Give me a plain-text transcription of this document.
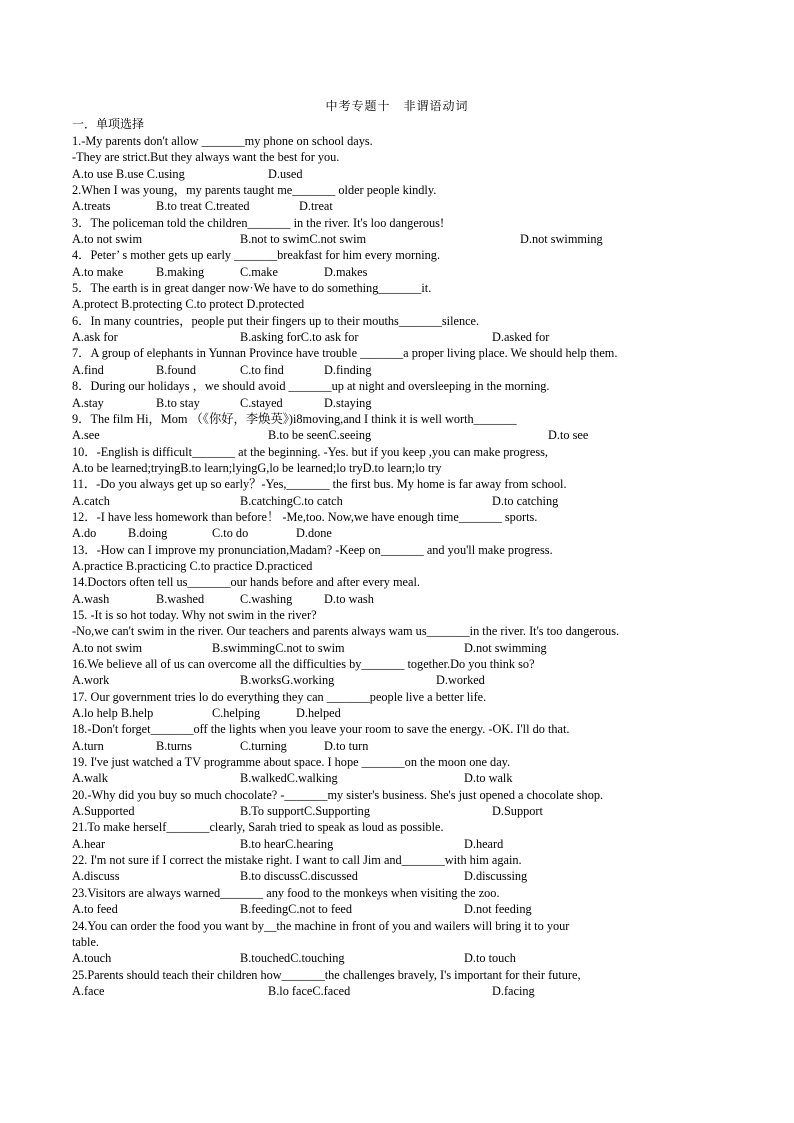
中考专题十　非谓语动词
一．单项选择
1.-My parents don't allow _______my phone on school days.
-They are strict.But they always want the best for you.
A.to use B.use C.using	D.used
2.When I was young，my parents taught me_______ older people kindly.
A.treats	B.to treat C.treated	D.treat
3．The policeman told the children_______ in the river. It's loo dangerous!
A.to not swim	B.not to swimC.not swim	D.not swimming
4．Peter’ s mother gets up early _______breakfast for him every morning.
A.to make	B.making	C.make	D.makes
5．The earth is in great danger now·We have to do something_______it.
A.protect B.protecting C.to protect D.protected
6．In many countries，people put their fingers up to their mouths_______silence.
A.ask for	B.asking forC.to ask for	D.asked for
7．A group of elephants in Yunnan Province have trouble _______a proper living place. We should help them.
A.find	B.found	C.to find	D.finding
8．During our holidays ，we should avoid _______up at night and oversleeping in the morning.
A.stay	B.to stay	C.stayed	D.staying
9．The film Hi，Mom （《你好，李焕英》)i8moving,and I think it is well worth_______
A.see	B.to be seenC.seeing	D.to see
10．-English is difficult_______ at the beginning. -Yes. but if you keep ,you can make progress,
A.to be learned;tryingB.to learn;lyingG,lo be learned;lo tryD.to learn;lo try
11．-Do you always get up so early？-Yes,_______ the first bus. My home is far away from school.
A.catch	B.catchingC.to catch	D.to catching
12．-I have less homework than before！ -Me,too. Now,we have enough time_______ sports.
A.do	B.doing	C.to do	D.done
13．-How can I improve my pronunciation,Madam? -Keep on_______ and you'll make progress.
A.practice B.practicing C.to practice D.practiced
14.Doctors often tell us_______our hands before and after every meal.
A.wash	B.washed	C.washing	D.to wash
15. -It is so hot today. Why not swim in the river?
-No,we can't swim in the river. Our teachers and parents always wam us_______in the river. It's too dangerous.
A.to not swim	B.swimmingC.not to swim	D.not swimming
16.We believe all of us can overcome all the difficulties by_______ together.Do you think so?
A.work	B.worksG.working	D.worked
17. Our government tries lo do everything they can _______people live a better life.
A.lo help B.help	C.helping	D.helped
18.-Don't forget_______off the lights when you leave your room to save the energy. -OK. I'll do that.
A.turn	B.turns	C.turning	D.to turn
19. I've just watched a TV programme about space. I hope _______on the moon one day.
A.walk	B.walkedC.walking	D.to walk
20.-Why did you buy so much chocolate? -_______my sister's business. She's just opened a chocolate shop.
A.Supported	B.To supportC.Supporting	D.Support
21.To make herself_______clearly, Sarah tried to speak as loud as possible.
A.hear	B.to hearC.hearing	D.heard
22. I'm not sure if I correct the mistake right. I want to call Jim and_______with him again.
A.discuss	B.to discussC.discussed	D.discussing
23.Visitors are always warned_______ any food to the monkeys when visiting the zoo.
A.to feed	B.feedingC.not to feed	D.not feeding
24.You can order the food you want by__the machine in front of you and wailers will bring it to your
table.
A.touch	B.touchedC.touching	D.to touch
25.Parents should teach their children how_______the challenges bravely, I's important for their future,
A.face	B.lo faceC.faced	D.facing
